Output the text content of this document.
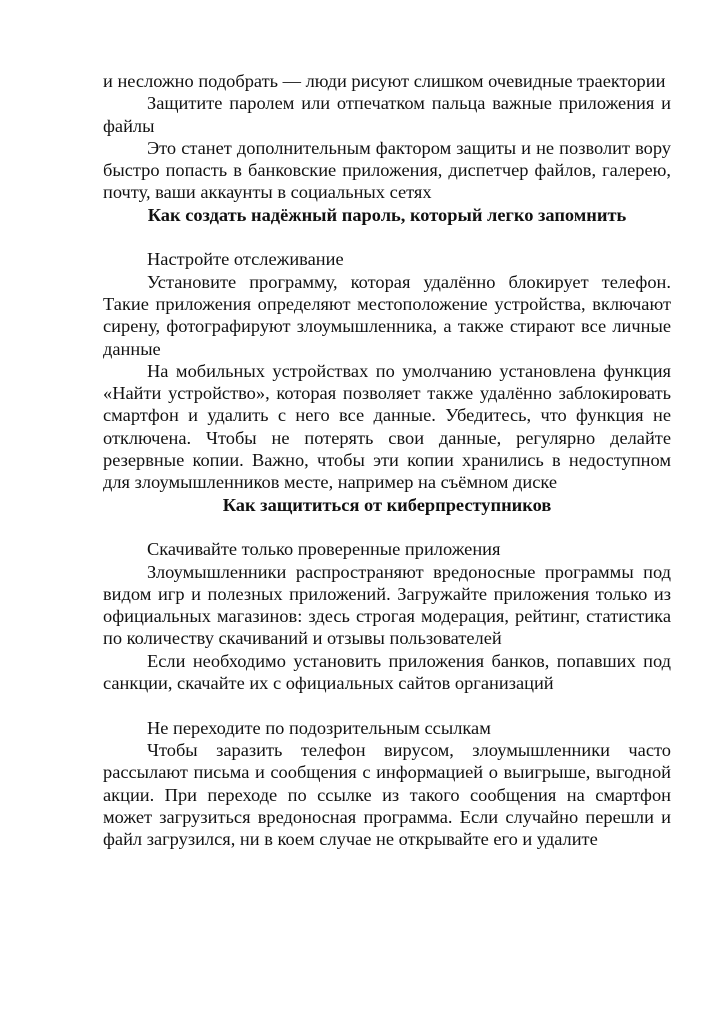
и несложно подобрать — люди рисуют слишком очевидные траектории

Защитите паролем или отпечатком пальца важные приложения и файлы

Это станет дополнительным фактором защиты и не позволит вору быстро попасть в банковские приложения, диспетчер файлов, галерею, почту, ваши аккаунты в социальных сетях

Как создать надёжный пароль, который легко запомнить

Настройте отслеживание

Установите программу, которая удалённо блокирует телефон. Такие приложения определяют местоположение устройства, включают сирену, фотографируют злоумышленника, а также стирают все личные данные

На мобильных устройствах по умолчанию установлена функция «Найти устройство», которая позволяет также удалённо заблокировать смартфон и удалить с него все данные. Убедитесь, что функция не отключена. Чтобы не потерять свои данные, регулярно делайте резервные копии. Важно, чтобы эти копии хранились в недоступном для злоумышленников месте, например на съёмном диске

Как защититься от киберпреступников

Скачивайте только проверенные приложения

Злоумышленники распространяют вредоносные программы под видом игр и полезных приложений. Загружайте приложения только из официальных магазинов: здесь строгая модерация, рейтинг, статистика по количеству скачиваний и отзывы пользователей

Если необходимо установить приложения банков, попавших под санкции, скачайте их с официальных сайтов организаций

Не переходите по подозрительным ссылкам

Чтобы заразить телефон вирусом, злоумышленники часто рассылают письма и сообщения с информацией о выигрыше, выгодной акции. При переходе по ссылке из такого сообщения на смартфон может загрузиться вредоносная программа. Если случайно перешли и файл загрузился, ни в коем случае не открывайте его и удалите
